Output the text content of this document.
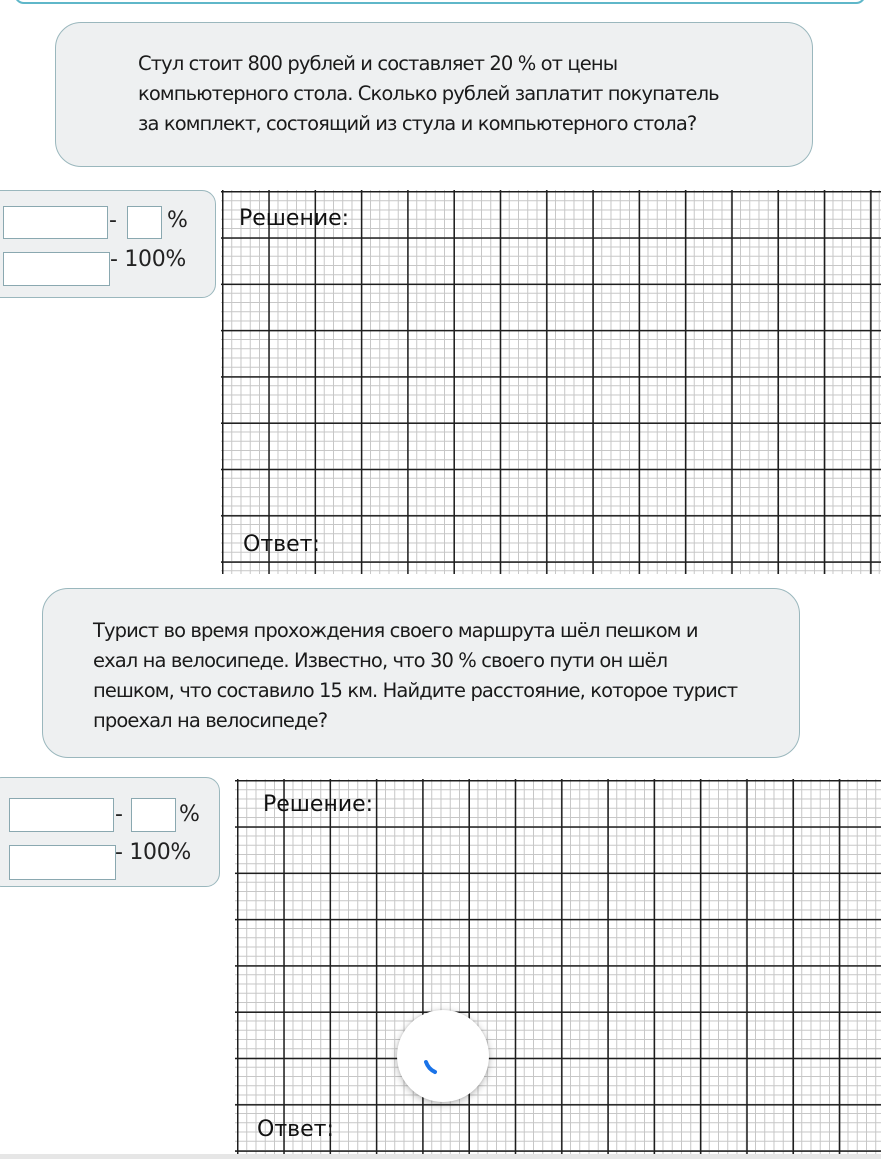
Стул стоит 800 рублей и составляет 20 % от цены

компьютерного стола. Сколько рублей заплатит покупатель

за комплект, состоящий из стула и компьютерного стола?

- %
- 100%
Решение:
Ответ:

Турист во время прохождения своего маршрута шёл пешком и

ехал на велосипеде. Известно, что 30 % своего пути он шёл

пешком, что составило 15 км. Найдите расстояние, которое турист

проехал на велосипеде?

-	%
- 100%
Решение:
Ответ:
